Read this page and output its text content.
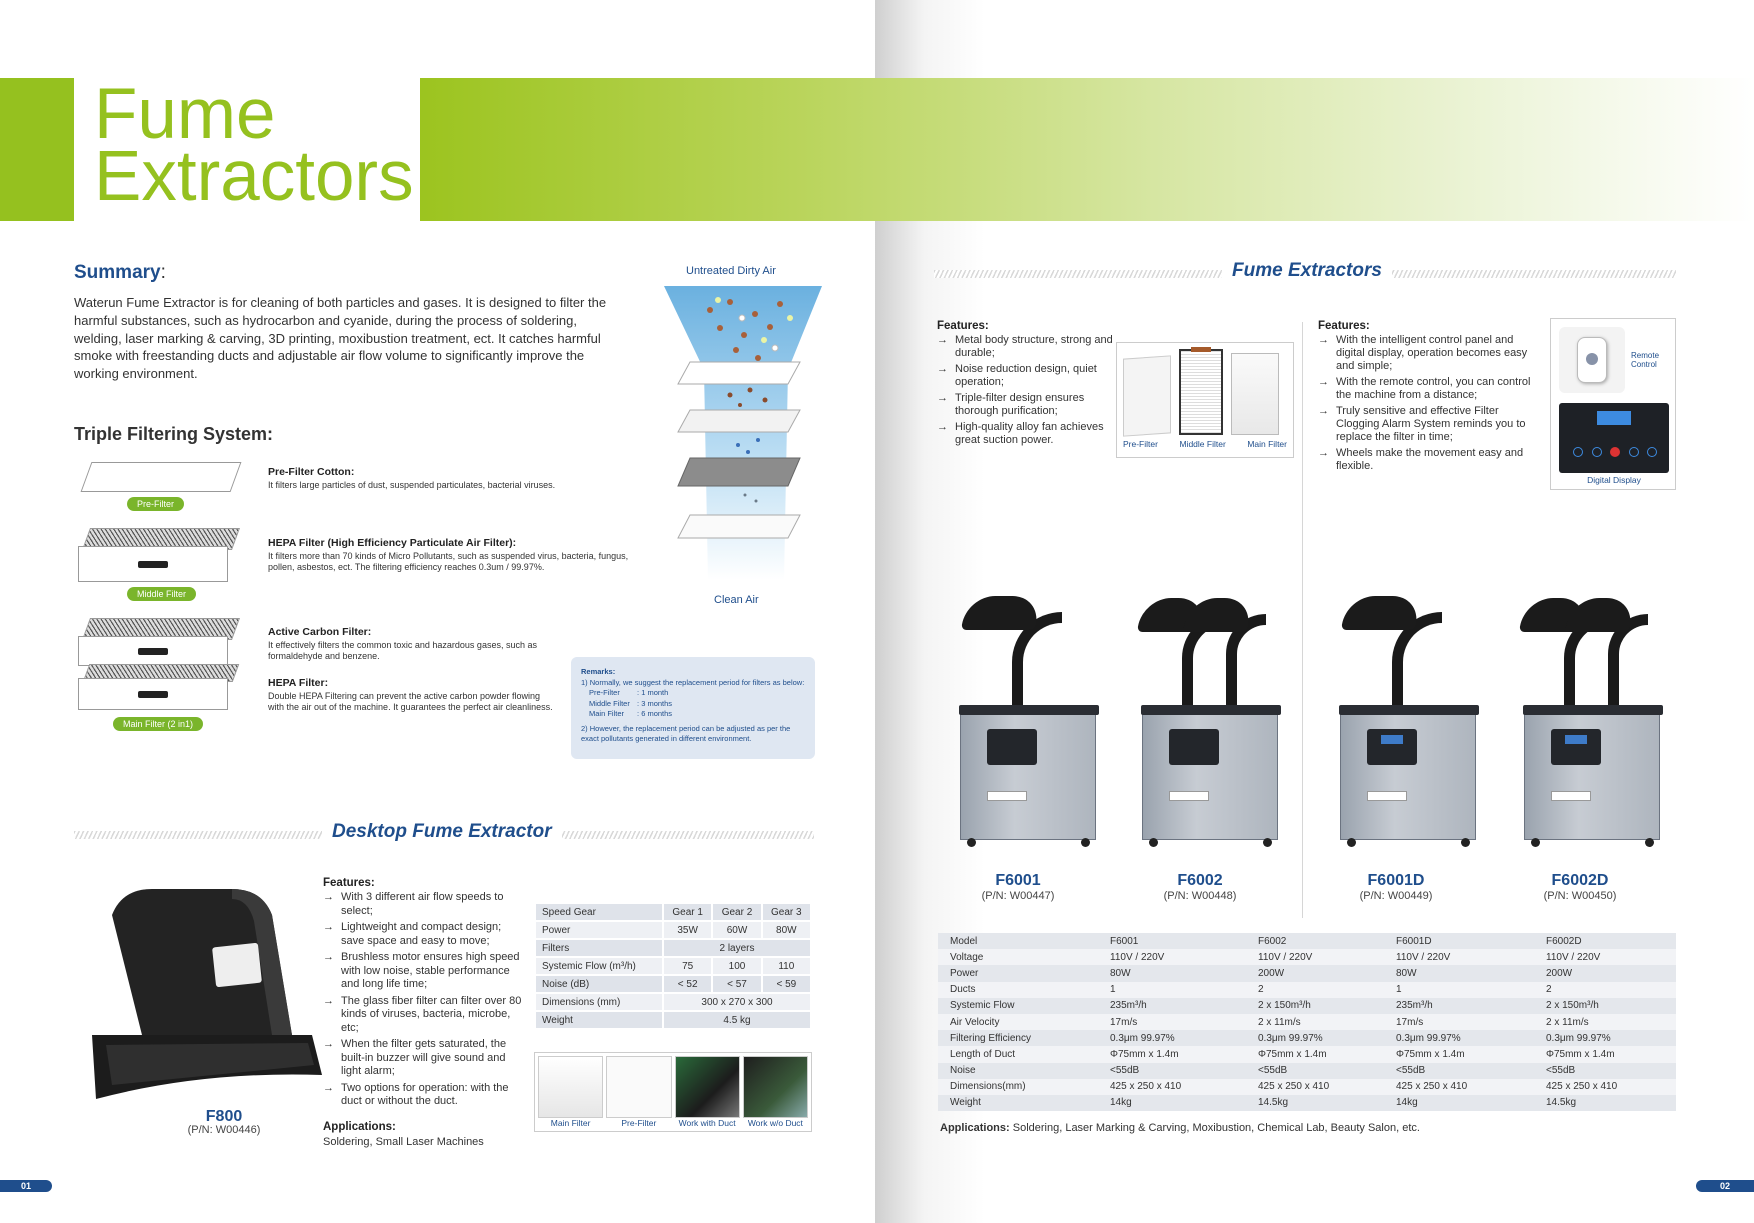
Fume
Extractors
Summary:
Waterun Fume Extractor is for cleaning of both particles and gases. It is designed to filter the harmful substances, such as hydrocarbon and cyanide, during the process of soldering, welding, laser marking & carving, 3D printing, moxibustion treatment, ect. It catches harmful smoke with freestanding ducts and adjustable air flow volume to significantly improve the working environment.
Triple Filtering System:
Pre-Filter
Pre-Filter Cotton:
It filters large particles of dust, suspended particulates, bacterial viruses.
Middle Filter
HEPA Filter (High Efficiency Particulate Air Filter):
It filters more than 70 kinds of Micro Pollutants, such as suspended virus, bacteria, fungus, pollen, asbestos, ect. The filtering efficiency reaches 0.3um / 99.97%.
Main Filter (2 in1)
Active Carbon Filter:
It effectively filters the common toxic and hazardous gases, such as formaldehyde and benzene.
HEPA Filter:
Double HEPA Filtering can prevent the active carbon powder flowing with the air out of the machine. It guarantees the perfect air cleanliness.
Untreated Dirty Air
Clean Air
Remarks:
1) Normally, we suggest the replacement period for filters as below:
Pre-Filter : 1 month
Middle Filter : 3 months
Main Filter : 6 months
2) However, the replacement period can be adjusted as per the exact pollutants generated in different environment.
Desktop Fume Extractor
F800
(P/N: W00446)
Features:
→ With 3 different air flow speeds to select;
→ Lightweight and compact design; save space and easy to move;
→ Brushless motor ensures high speed with low noise, stable performance and long life time;
→ The glass fiber filter can filter over 80 kinds of viruses, bacteria, microbe, etc;
→ When the filter gets saturated, the built-in buzzer will give sound and light alarm;
→ Two options for operation: with the duct or without the duct.
Applications:
Soldering, Small Laser Machines
Speed Gear	Gear 1	Gear 2	Gear 3
Power	35W	60W	80W
Filters	2 layers		
Systemic Flow (m³/h)	75	100	110
Noise (dB)	< 52	< 57	< 59
Dimensions (mm)	300 x 270 x 300		
Weight	4.5 kg		
Main Filter	Pre-Filter	Work with Duct	Work w/o Duct
Fume Extractors
Features:
→ Metal body structure, strong and durable;
→ Noise reduction design, quiet operation;
→ Triple-filter design ensures thorough purification;
→ High-quality alloy fan achieves great suction power.	Pre-Filter	Middle Filter	Main Filter
Features:
→ With the intelligent control panel and digital display, operation becomes easy and simple;
→ With the remote control, you can control the machine from a distance;
→ Truly sensitive and effective Filter Clogging Alarm System reminds you to replace the filter in time;
→ Wheels make the movement easy and flexible.
Remote Control
Digital Display
F6001
(P/N: W00447)
F6002
(P/N: W00448)
F6001D
(P/N: W00449)
F6002D
(P/N: W00450)
Model	F6001	F6002	F6001D	F6002D
Voltage	110V / 220V	110V / 220V	110V / 220V	110V / 220V
Power	80W	200W	80W	200W
Ducts	1	2	1	2
Systemic Flow	235m³/h	2 x 150m³/h	235m³/h	2 x 150m³/h
Air Velocity	17m/s	2 x 11m/s	17m/s	2 x 11m/s
Filtering Efficiency	0.3μm 99.97%	0.3μm 99.97%	0.3μm 99.97%	0.3μm 99.97%
Length of Duct	Φ75mm x 1.4m	Φ75mm x 1.4m	Φ75mm x 1.4m	Φ75mm x 1.4m
Noise	<55dB	<55dB	<55dB	<55dB
Dimensions(mm)	425 x 250 x 410	425 x 250 x 410	425 x 250 x 410	425 x 250 x 410
Weight	14kg	14.5kg	14kg	14.5kg
Applications: Soldering, Laser Marking & Carving, Moxibustion, Chemical Lab, Beauty Salon, etc.
01	02
